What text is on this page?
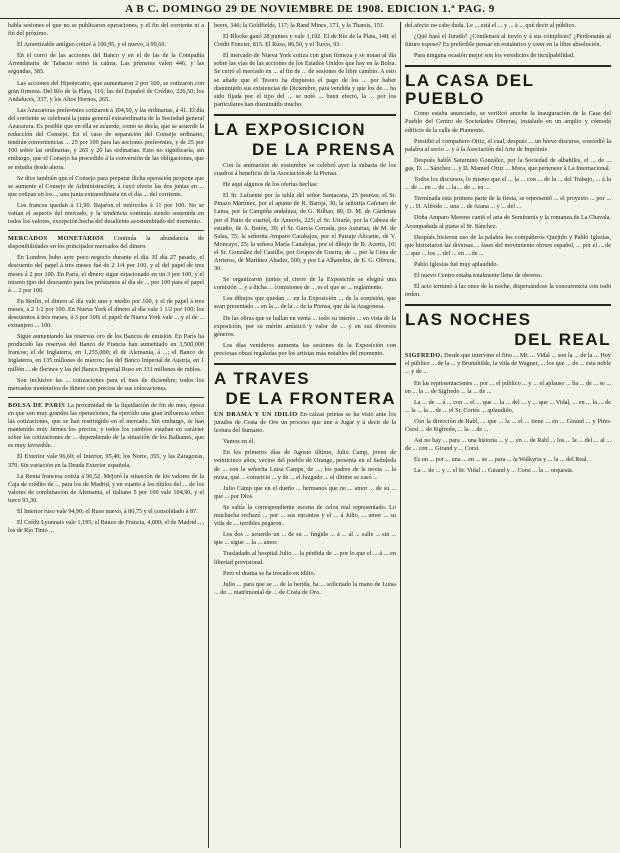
A B C. DOMINGO 29 DE NOVIEMBRE DE 1908. EDICION 1.ª PAG. 9

habla sesiones el que no se publicaron operaciones, y el fin del corriente ni a fin del próximo.

El Amortizable antiguo cotizó á 100,95, y el nuevo, á 99,60.

En el corro de las acciones del Banco y en el de las de la Compañía Arrendataria de Tabacos reinó la calma. Las primeras valen 446, y las segundas, 385.

Las acciones del Hipotecario, que aumentaron 2 por 100, se cotizaron con gran firmeza. Del Río de la Plata, 116; las del Español de Crédito, 226,50; los Andaluces, 337, y los Altos Hornos, 265.

Las Azucareras preferentes cotizaron á 104,50, y las ordinarias, á 41. El día del corriente se celebrará la junta general extraordinaria de la Sociedad general Azucarera. Es posible que en ella se acuerde, como se decía, que se acuerde la reducción del Consejo. En el caso de separación del Consejo ordinario, tendrán conveniencias ... 25 por 100 para las acciones preferentes, y de 25 por 100 sobre las ordinarias, y 265 y 20 las ordinarias. Esto no significaría, sin embargo, que el Consejo ha procedido á la conversión de las obligaciones, que se estudia desde ahora.

Se dice también que el Consejo para preparar dicha operación propone que se aumente el Consejo de Administración, á cuyo efecto las dos juntas en ... que cotizan en los ... una junta extraordinaria en el día ... del corriente.

Los francos quedan á 11,90. Bajaron el miércoles á 11 por 100. No se varían el aspecto del mercado, y la tendencia continúa siendo sostenida en todos los valores, excepción hecha del desaliento acostumbrado del momento.

MERCADOS MONETARIOS Continúa la abundancia de disponibilidades en los principales mercados del dinero.

En Londres hubo ayer poco negocio durante el día. El día 27 pasado, el descuento del papel á tres meses fué de 2 1/4 por 100, y el del papel de tres meses á 2 por 100. En París, el dinero sigue estacionado en un 3 por 100, y el mismo tipo del descuento para los préstamos al día de ... por 100 para el papel á ... 2 por 100.

En Berlín, el dinero al día vale uno y medio por 100, y el de papel á tres meses, a 2 1/2 por 100. En Nueva York el dinero al día vale 1 1/2 por 100; los descuentos á tres meses, á 3 por 100; el papel de Nueva York vale ... y el de ... extranjero ... 100.

Sigue aumentando las reservas oro de los Bancos de emisión. En París ha producido las reservas del Banco de Francia han aumentado en 3,500,000 francos; el de Inglaterra, en 1,255,000; el de Alemania, á ...; el Banco de Inglaterra, en 135 millones de marcos; las del Banco Imperial de Austria, en 1 millón ... de florines y las del Banco Imperial Ruso en 331 millones de rublos.

Son inclusive las ... cotizaciones para el mes de diciembre; todos los mercados monetarios de dinero con precios de sus colocaciones.

BOLSA DE PARIS La proximidad de la liquidación de fin de mes, época en que son muy grandes las operaciones, ha ejercido una gran influencia sobre las cotizaciones, que se han restringido en el mercado. Sin embargo, se han mantenido muy firmes los precios, y todos los cambios estaban en carácter sobre las cotizaciones de ... dependiendo de la situación de los Balkanes, que es muy favorable.

El Exterior vale 96,60; el Interior, 95,40; los Norte, 355, y las Zaragozas, 370. Sin variación en la Deuda Exterior española.

La Renta francesa cotiza á 96,52. Mejoró la situación de los valores de la Caja de crédito de ... para los de Madrid, y en cuanto á los títulos del ... de los valores de combinación de Alemania, el italiano 5 por 100 vale 104,90, y el turco 93,30.

El Interior ruso vale 94,90; el Ruso nuevo, á 86,75 y el consolidado á 87.

El Crédit Lyonnais vale 1,195; el Banco de Francia, 4,000; el de Madrid ..., los de Río Tinto ...

beers, 346; la Goldfields, 117; la Rand Mines, 171, y la Tharsis, 151.

El Blocke ganó 28 puntos y vale 1,192. El de Río de la Plata, 148; el Crédit Foncier, 815. El Ruso, 86,50, y el Turco, 93.

El mercado de Nueva York cotiza con gran firmeza y se notan al día sobre las vías de las acciones de los Estados Unidos que hay en la Bolsa. Se cerró el mercado en ... al fin de ... de sesiones de libre cambio. A esto se añade que el Tesoro ha dispuesto el pago de los ... por haber disminuido sus existencias de Diciembre, para vendida y que los de ... ha sido fijada por el tipo del ... se notó ... buen efecto, la ... por los particulares han disminuido mucho.

LA EXPOSICION
DE LA PRENSA

Con la animación de costumbre se celebró ayer la subasta de los cuadros á beneficio de la Asociación de la Prensa.

He aquí algunos de los ofertas hechas:

El Sr. Lafuente por la tabla del señor Santacana, 25 pesetas; el Sr. Pinazo Martínez, por el apunte de R. Baroja, 30; la señorita Cafetaro de Lama, por la Campiña andaluza, de G. Bilbao, 80, D. M. de Cárdenas por el Patio de cuartel, de Amorós, 225; el Sr. Uriarte, por la Cabeza de estudio, de A. Botón, 30; el Sr. García Cerrada, por Asturias, de M. de Salas, 75; la señorita Amparo Carabajos, por el Paisaje Alicante, de V. Moncayo, 25; la señora María Canalejas, por el dibujo de B. Acerto, 10; el Sr. González del Castillo, por Grupos de Guerra, de ... por la Cena de Arrieros, de Martínez Abades, 500, y por La Alhambra, de E. G. Olivera, 30.

Se organizaron juntos el cierre de la Exposición se elegirá una comisión ... y a dicha ... comisiones de ... es el que se ... reglamento.

Los dibujos que quedan ... en la Exposición ... de la comisión, que sean presentado ... en la ... de la ... de la Prensa, que da la Aragonesa.

De las obras que se hallan en venta ... todo su interés ... en vista de la exposición, por su mérito artístico y valor de ... y en sus diversos géneros.

Los días venideros aumenta las sesiones de la Exposición con preciosas obras regaladas por los artistas más notables del momento.

A TRAVES
DE LA FRONTERA

UN DRAMA Y UN IDILIO En calzas prietas se ha visto ante los jurados de Costa de Oro un proceso que une á Jugar y á decir de la lectura del Sumario.

Vamos en él.

En los primeros días de Agosto último, Julio Camp, joven de veinticinco años, vecino del pueblo de Orange, presenta en el Seduleda de ... con la señorita Luisa Camps, de ...; los padres de la novia ... la moza, que ... comercio ... y de ... el Juzgado ... el último se casó ...

Julio Camp que en el dueño ... hermanos que no ... amor ... de su ... que ... por Dios.

Se sabía la correspondiente escena de celos real representado. Lo muchacha rechazó ... por ... sus encantos y el ... á Julio, ... amor ... su vida de ... terribles pegaron.

Los dos ... acuerdo un ... de su ... fingido ... á ... al ... calle ... sin ... que ... sigue ... la ... amor.

Trasladado al hospital Julio ... la pérdida de ... por lo que el ... á ... en libertad provisional.

Pero el drama se ha trocado en idilio.

Julio ... para que se ... de la herida, ha ... solicitado la mano de Luisa ... de ... matrimonial de ... de Costa de Oro.

del afecto no cabe duda. Le ... está el ... y ... á ... qué decir al público.

¿Qué hará el Jurado? ¿Condenará al novio y á sus cómplices? ¿Perdonarán al futuro esposo? Es preferible pensar en romántico y creer en la libre absolución.

Para ninguna ocasión mejor son los veredictos de inculpabilidad.

LA CASA DEL PUEBLO

Como estaba anunciado, se verificó anoche la inauguración de la Casa del Pueblo del Centro de Sociedades Obreras, instalado en un amplio y cómodo edificio de la calle de Piamonte.

Presidió el compañero Ortiz, el cual, después ... un breve discurso, concedió la palabra al socio ... y á la Asociación del Arte de Imprimir.

Después habló Saturnino González, por la Sociedad de albañiles, el ... de ... gas, D. ... Sánchez ... y D. Manuel Ortiz ... Mora, que pertenece á La Internacional.

Todos los discursos, lo mismo que el ... la ... con ... de la ... del Trabajo, ... á la ... de ... en ... de ... la ... de ... en ...

Terminada esta primera parte de la fiesta, se representó ... el proyecto ... por ... y ... D. Alfredo ... una ... de Arana ... y ... del ...

Doña Amparo Moreno cantó el aria de Semiramis y la romanza de La Chavala. Acompañada al piano el Sr. Sánchez.

Después hicieron uso de la palabra los compañeros Quejido y Pablo Iglesias, que historiaron las diversas ... fases del movimiento obrero español, ... por el ... de ... que ... los ... del ... en ... de ...

Pablo Iglesias fué muy aplaudido.

El nuevo Centro estaba totalmente lleno de obreros.

El acto terminó á las once de la noche, dispersándose la concurrencia con todo orden.

LAS NOCHES
DEL REAL

SIGFREDO. Desde que intervino el fino ... Mr. ... Vidal ... son la ... de la ... Hoy el público ... de la ... y Brunnhilde, la vida de Wagner, ... los que ... de ... esta noble ... y de ...

En las representaciones ... por ... el público ... y ... el aplauso ... ha ... de ... se ... en ... la ... de Sigfredo ... la ... de ...

La ... de ... á ... con ... el ... que ... la ... del ... y ... que ... Vidal, ... en ... la ... de ... la ... la ... de ... el Sr. Cortés ... aplaudido.

Con la dirección de Rabl, ... que ... la ... el ... tiene ... en ... Girand ... y Pino-Corsi ... de Sigfredo, ... la ... de ...

Así no hay ... para ... una historia ... y ... en ... de Rabl ... los ... la ... del ... al ... de ... con ... Girand y ... Corsi.

Es un ... por ... una ... en ... se ... para ... la Walkyria y ... la ... del Real.

La ... de ... y ... el Sr. Vidal ... Girand y ... Corsi ... la ... orquesta.
